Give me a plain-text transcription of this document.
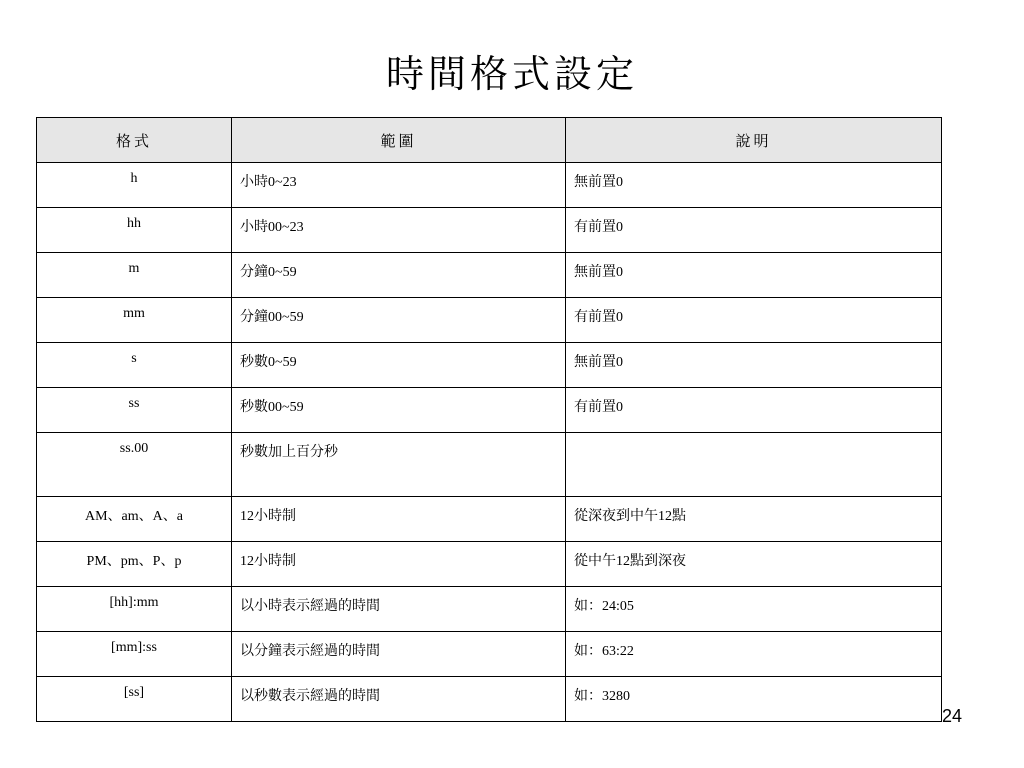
時間格式設定
格式	範圍	說明
h	小時0~23	無前置0
hh	小時00~23	有前置0
m	分鐘0~59	無前置0
mm	分鐘00~59	有前置0
s	秒數0~59	無前置0
ss	秒數00~59	有前置0
ss.00	秒數加上百分秒	
AM、am、A、a	12小時制	從深夜到中午12點
PM、pm、P、p	12小時制	從中午12點到深夜
[hh]:mm	以小時表示經過的時間	如：24:05
[mm]:ss	以分鐘表示經過的時間	如：63:22
[ss]	以秒數表示經過的時間	如：3280
24
